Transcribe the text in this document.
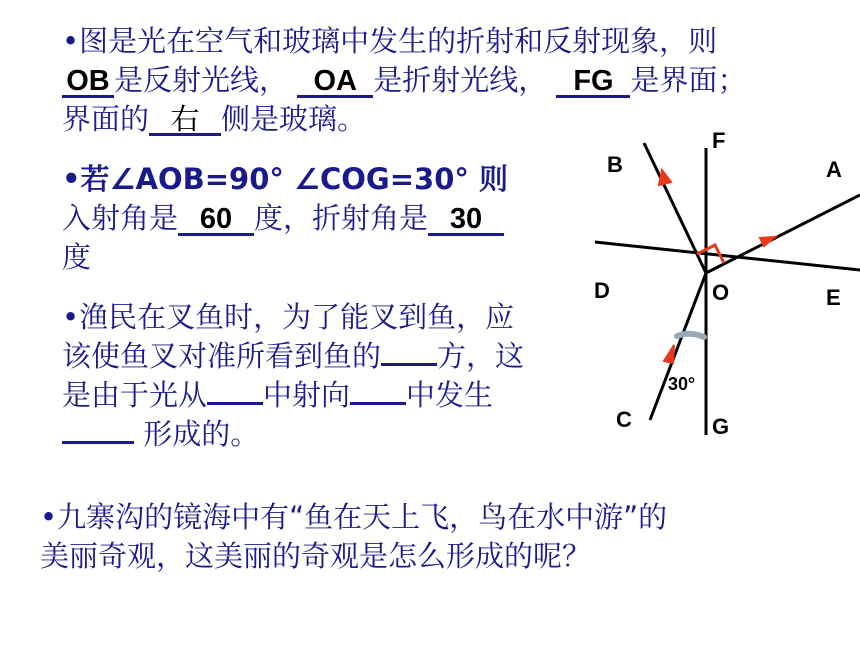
•图是光在空气和玻璃中发生的折射和反射现象，则
OB 是反射光线， OA 是折射光线， FG 是界面；
界面的 右 侧是玻璃。
•若∠AOB=90° ∠COG=30° 则
入射角是 60 度，折射角是 30
度
•渔民在叉鱼时，为了能叉到鱼，应
该使鱼叉对准所看到鱼的 方，这
是由于光从 中射向 中发生
形成的。
•九寨沟的镜海中有“鱼在天上飞，鸟在水中游”的
美丽奇观，这美丽的奇观是怎么形成的呢？
F
B	A
D	O	E
30°
C	G
